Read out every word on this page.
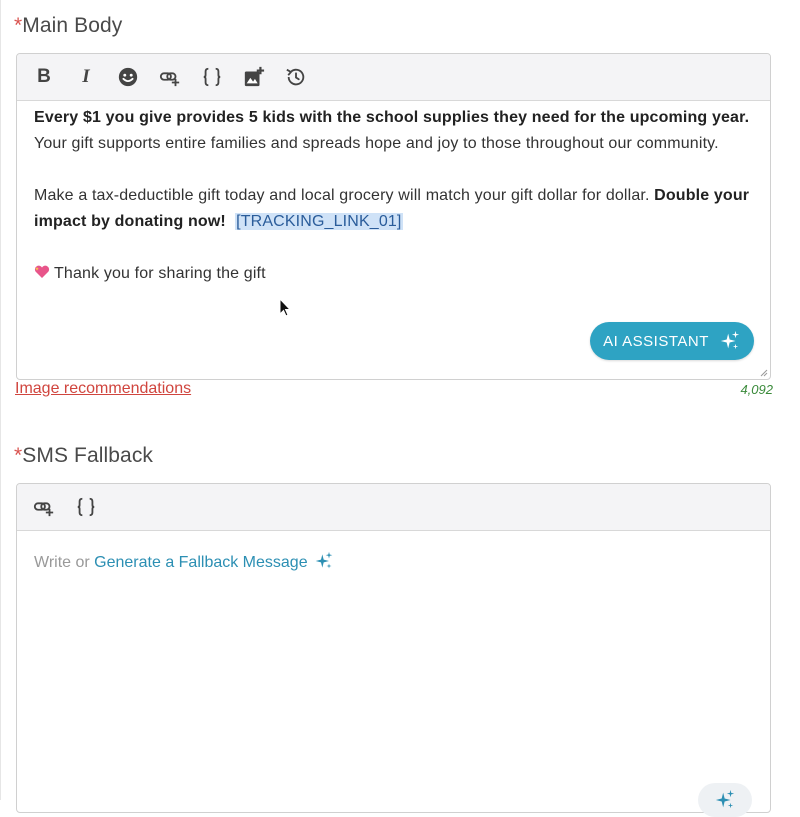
*Main Body
B I

Every $1 you give provides 5 kids with the school supplies they need for the upcoming year. Your gift supports entire families and spreads hope and joy to those throughout our community.

Make a tax-deductible gift today and local grocery will match your gift dollar for dollar. Double your impact by donating now! [TRACKING_LINK_01]

Thank you for sharing the gift

AI ASSISTANT
Image recommendations	4,092
*SMS Fallback
Write or Generate a Fallback Message
